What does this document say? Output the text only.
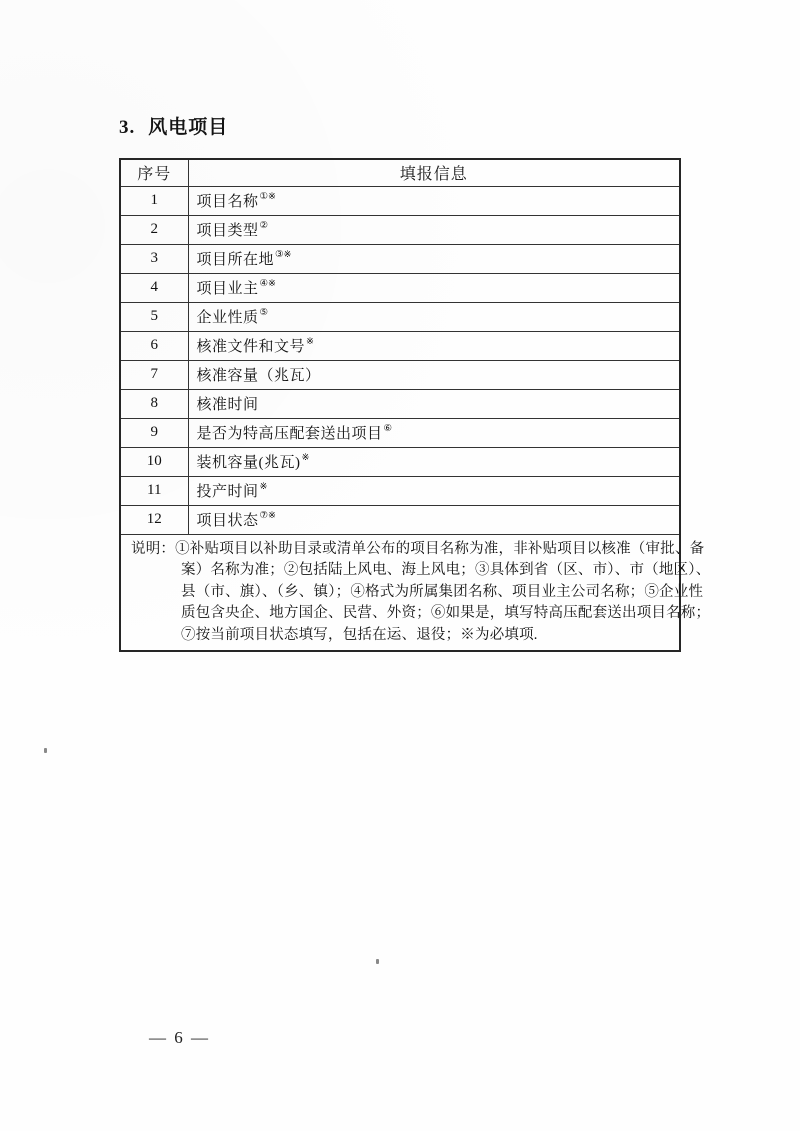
3. 风电项目
序号	填报信息
1	项目名称①※
2	项目类型②
3	项目所在地③※
4	项目业主④※
5	企业性质⑤
6	核准文件和文号※
7	核准容量（兆瓦）
8	核准时间
9	是否为特高压配套送出项目⑥
10	装机容量(兆瓦)※
11	投产时间※
12	项目状态⑦※

说明：①补贴项目以补助目录或清单公布的项目名称为准，非补贴项目以核准（审批、备
案）名称为准；②包括陆上风电、海上风电；③具体到省（区、市）、市（地区）、
县（市、旗）、（乡、镇）；④格式为所属集团名称、项目业主公司名称；⑤企业性
质包含央企、地方国企、民营、外资；⑥如果是，填写特高压配套送出项目名称；
⑦按当前项目状态填写，包括在运、退役；※为必填项.	
— 6 —
